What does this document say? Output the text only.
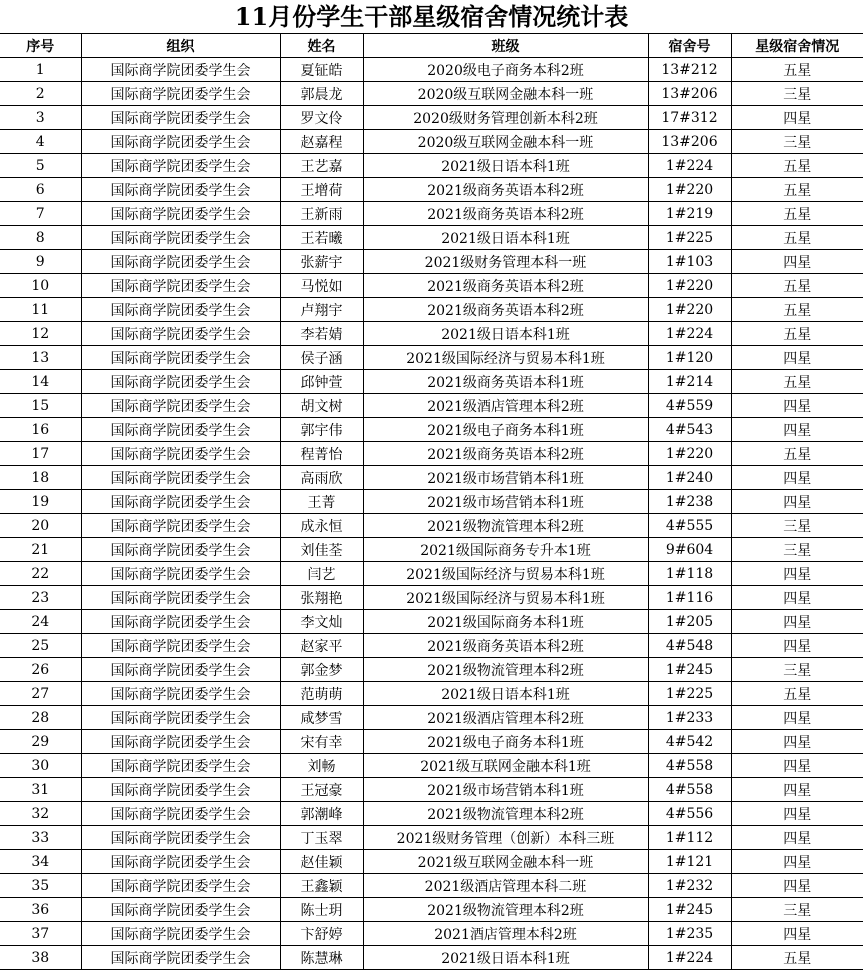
11月份学生干部星级宿舍情况统计表
序号	组织	姓名	班级	宿舍号	星级宿舍情况
1	国际商学院团委学生会	夏钲皓	2020级电子商务本科2班	13#212	五星
2	国际商学院团委学生会	郭晨龙	2020级互联网金融本科一班	13#206	三星
3	国际商学院团委学生会	罗文伶	2020级财务管理创新本科2班	17#312	四星
4	国际商学院团委学生会	赵嘉程	2020级互联网金融本科一班	13#206	三星
5	国际商学院团委学生会	王艺嘉	2021级日语本科1班	1#224	五星
6	国际商学院团委学生会	王增荷	2021级商务英语本科2班	1#220	五星
7	国际商学院团委学生会	王新雨	2021级商务英语本科2班	1#219	五星
8	国际商学院团委学生会	王若曦	2021级日语本科1班	1#225	五星
9	国际商学院团委学生会	张薪宇	2021级财务管理本科一班	1#103	四星
10	国际商学院团委学生会	马悦如	2021级商务英语本科2班	1#220	五星
11	国际商学院团委学生会	卢翔宇	2021级商务英语本科2班	1#220	五星
12	国际商学院团委学生会	李若婧	2021级日语本科1班	1#224	五星
13	国际商学院团委学生会	侯子涵	2021级国际经济与贸易本科1班	1#120	四星
14	国际商学院团委学生会	邱钟萱	2021级商务英语本科1班	1#214	五星
15	国际商学院团委学生会	胡文树	2021级酒店管理本科2班	4#559	四星
16	国际商学院团委学生会	郭宇伟	2021级电子商务本科1班	4#543	四星
17	国际商学院团委学生会	程菁怡	2021级商务英语本科2班	1#220	五星
18	国际商学院团委学生会	高雨欣	2021级市场营销本科1班	1#240	四星
19	国际商学院团委学生会	王菁	2021级市场营销本科1班	1#238	四星
20	国际商学院团委学生会	成永恒	2021级物流管理本科2班	4#555	三星
21	国际商学院团委学生会	刘佳荃	2021级国际商务专升本1班	9#604	三星
22	国际商学院团委学生会	闫艺	2021级国际经济与贸易本科1班	1#118	四星
23	国际商学院团委学生会	张翔艳	2021级国际经济与贸易本科1班	1#116	四星
24	国际商学院团委学生会	李文灿	2021级国际商务本科1班	1#205	四星
25	国际商学院团委学生会	赵家平	2021级商务英语本科2班	4#548	四星
26	国际商学院团委学生会	郭金梦	2021级物流管理本科2班	1#245	三星
27	国际商学院团委学生会	范萌萌	2021级日语本科1班	1#225	五星
28	国际商学院团委学生会	咸梦雪	2021级酒店管理本科2班	1#233	四星
29	国际商学院团委学生会	宋有幸	2021级电子商务本科1班	4#542	四星
30	国际商学院团委学生会	刘畅	2021级互联网金融本科1班	4#558	四星
31	国际商学院团委学生会	王冠豪	2021级市场营销本科1班	4#558	四星
32	国际商学院团委学生会	郭潮峰	2021级物流管理本科2班	4#556	四星
33	国际商学院团委学生会	丁玉翠	2021级财务管理（创新）本科三班	1#112	四星
34	国际商学院团委学生会	赵佳颖	2021级互联网金融本科一班	1#121	四星
35	国际商学院团委学生会	王鑫颖	2021级酒店管理本科二班	1#232	四星
36	国际商学院团委学生会	陈士玥	2021级物流管理本科2班	1#245	三星
37	国际商学院团委学生会	卞舒婷	2021酒店管理本科2班	1#235	四星
38	国际商学院团委学生会	陈慧琳	2021级日语本科1班	1#224	五星
